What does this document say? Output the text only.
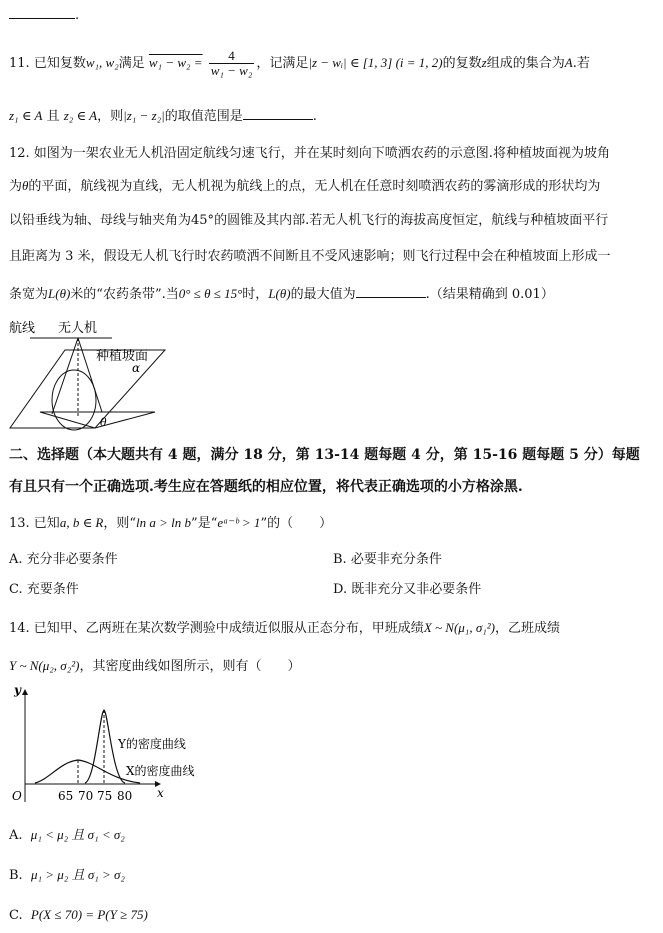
.
11. 已知复数w₁, w₂满足 $w_1 - w_2 = \frac{4}{\text{w₁ − w₂}}$ ，记满足|z − wᵢ| ∈ [1, 3] (i = 1, 2)的复数z组成的集合为A.若
z₁ ∈ A 且 z₂ ∈ A，则|z₁ − z₂|的取值范围是	.
12. 如图为一架农业无人机沿固定航线匀速飞行，并在某时刻向下喷洒农药的示意图.将种植坡面视为坡角
为θ的平面，航线视为直线，无人机视为航线上的点，无人机在任意时刻喷洒农药的雾滴形成的形状均为
以铅垂线为轴、母线与轴夹角为45°的圆锥及其内部.若无人机飞行的海拔高度恒定，航线与种植坡面平行
且距离为 3 米，假设无人机飞行时农药喷洒不间断且不受风速影响；则飞行过程中会在种植坡面上形成一
条宽为L(θ)米的“农药条带”.当0° ≤ θ ≤ 15°时，L(θ)的最大值为	.（结果精确到 0.01）
航线 无人机
种植坡面
α
θ
二、选择题（本大题共有 4 题，满分 18 分，第 13-14 题每题 4 分，第 15-16 题每题 5 分）每题
有且只有一个正确选项.考生应在答题纸的相应位置，将代表正确选项的小方格涂黑.
13. 已知a, b ∈ R，则“ln a > ln b”是“eᵃ⁻ᵇ > 1”的（　　）
A. 充分非必要条件	B. 必要非充分条件
C. 充要条件	D. 既非充分又非必要条件
14. 已知甲、乙两班在某次数学测验中成绩近似服从正态分布，甲班成绩X ~ N(μ₁, σ₁²)，乙班成绩
Y ~ N(μ₂, σ₂²)，其密度曲线如图所示，则有（　　）
y
x
O	65 70 75 80
Y的密度曲线
X的密度曲线
A. μ₁ < μ₂ 且 σ₁ < σ₂
B. μ₁ > μ₂ 且 σ₁ > σ₂
C. P(X ≤ 70) = P(Y ≥ 75)
